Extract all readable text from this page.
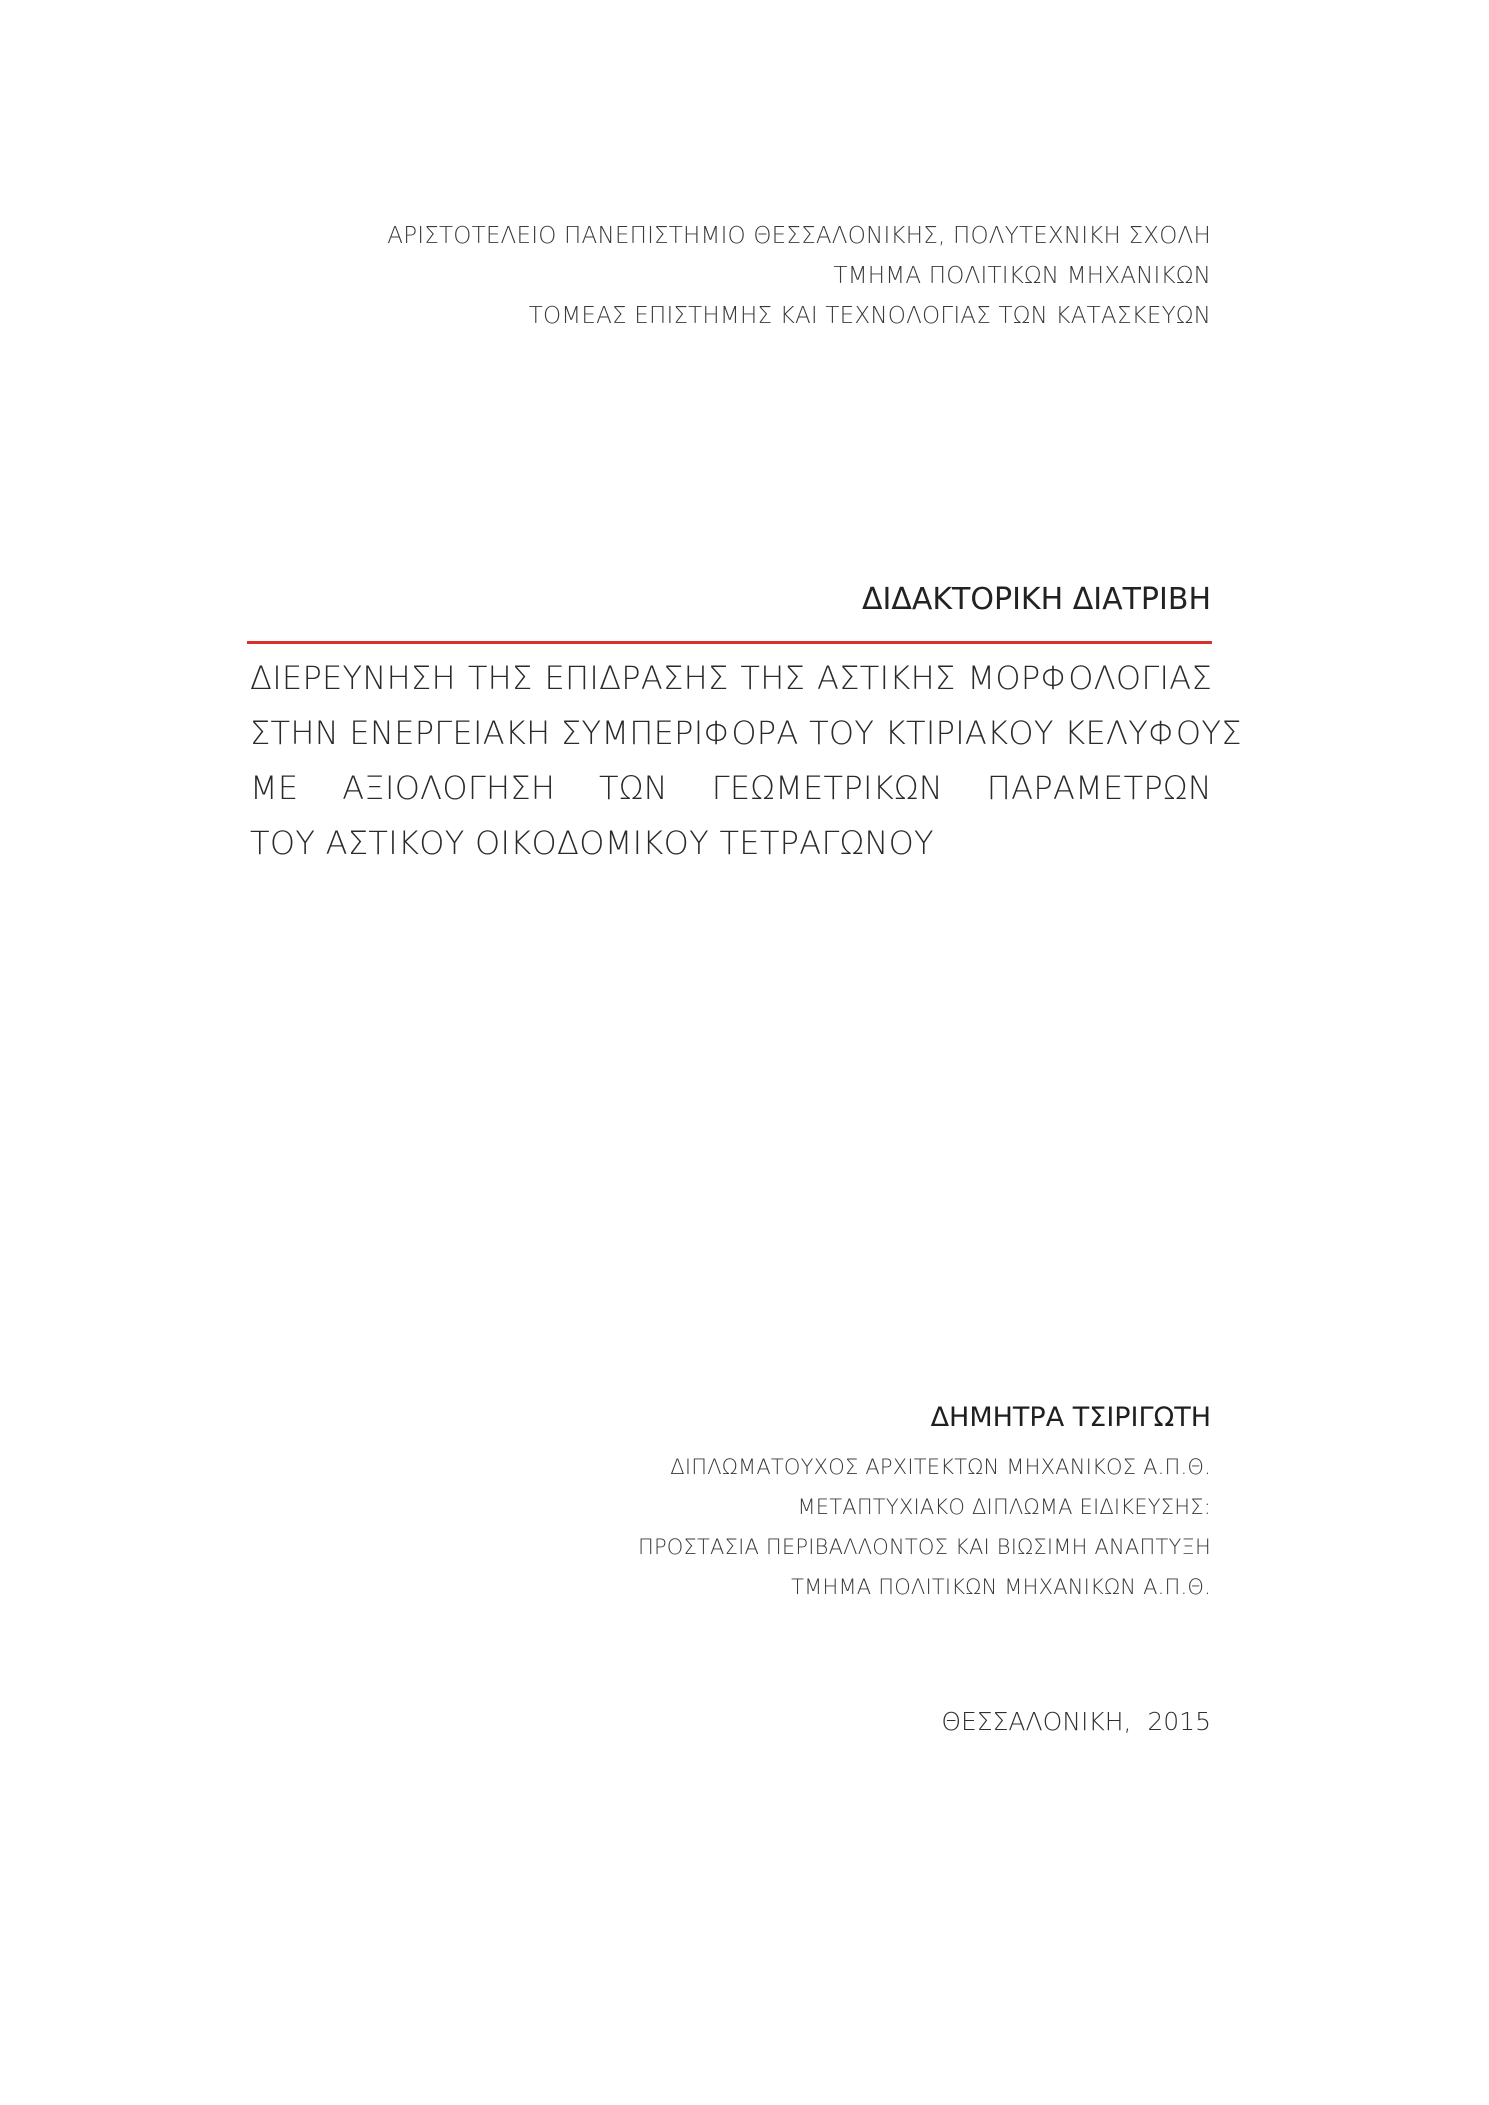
ΑΡΙΣΤΟΤΕΛΕΙΟ ΠΑΝΕΠΙΣΤΗΜΙΟ ΘΕΣΣΑΛΟΝΙΚΗΣ, ΠΟΛΥΤΕΧΝΙΚΗ ΣΧΟΛΗ
ΤΜΗΜΑ ΠΟΛΙΤΙΚΩΝ ΜΗΧΑΝΙΚΩΝ
ΤΟΜΕΑΣ ΕΠΙΣΤΗΜΗΣ ΚΑΙ ΤΕΧΝΟΛΟΓΙΑΣ ΤΩΝ ΚΑΤΑΣΚΕΥΩΝ
ΔΙΔΑΚΤΟΡΙΚΗ ΔΙΑΤΡΙΒΗ
ΔΙΕΡΕΥΝΗΣΗ ΤΗΣ ΕΠΙΔΡΑΣΗΣ ΤΗΣ ΑΣΤΙΚΗΣ ΜΟΡΦΟΛΟΓΙΑΣ
ΣΤΗΝ ΕΝΕΡΓΕΙΑΚΗ ΣΥΜΠΕΡΙΦΟΡΑ ΤΟΥ ΚΤΙΡΙΑΚΟΥ ΚΕΛΥΦΟΥΣ
ΜΕ ΑΞΙΟΛΟΓΗΣΗ ΤΩΝ ΓΕΩΜΕΤΡΙΚΩΝ ΠΑΡΑΜΕΤΡΩΝ
ΤΟΥ ΑΣΤΙΚΟΥ ΟΙΚΟΔΟΜΙΚΟΥ ΤΕΤΡΑΓΩΝΟΥ
ΔΗΜΗΤΡΑ ΤΣΙΡΙΓΩΤΗ
ΔΙΠΛΩΜΑΤΟΥΧΟΣ ΑΡΧΙΤΕΚΤΩΝ ΜΗΧΑΝΙΚΟΣ Α.Π.Θ.
ΜΕΤΑΠΤΥΧΙΑΚΟ ΔΙΠΛΩΜΑ ΕΙΔΙΚΕΥΣΗΣ:
ΠΡΟΣΤΑΣΙΑ ΠΕΡΙΒΑΛΛΟΝΤΟΣ ΚΑΙ ΒΙΩΣΙΜΗ ΑΝΑΠΤΥΞΗ
ΤΜΗΜΑ ΠΟΛΙΤΙΚΩΝ ΜΗΧΑΝΙΚΩΝ Α.Π.Θ.
ΘΕΣΣΑΛΟΝΙΚΗ,  2015
